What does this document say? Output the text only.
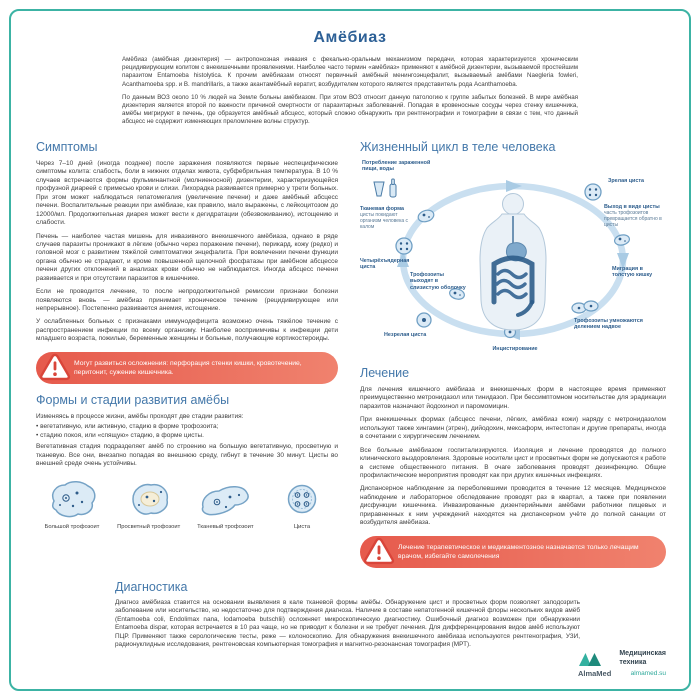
Амёбиаз

Амёбиаз (амёбная дизентерия) — антропонозная инвазия с фекально-оральным механизмом передачи, которая характеризуется хроническим рецидивирующим колитом с внекишечными проявлениями. Наиболее часто термин «амёбиаз» применяют к амёбной дизентерии, вызываемой простейшим паразитом Entamoeba histolytica. К прочим амёбиазам относят первичный амёбный менингоэнцефалит, вызываемый амёбами Naegleria fowleri, Acanthamoeba spp. и B. mandrillaris, а также акантамёбный кератит, возбудителем которого является представитель рода Acanthamoeba.

По данным ВОЗ около 10 % людей на Земле больны амёбиазом. При этом ВОЗ относит данную патологию к группе забытых болезней. В мире амёбная дизентерия является второй по важности причиной смертности от паразитарных заболеваний. Попадая в кровеносные сосуды через стенку кишечника, амёбы мигрируют в печень, где образуется амёбный абсцесс, который сложно обнаружить при рентгенографии и томографии в связи с тем, что данный абсцесс не содержит изменяющих преломление волны структур.

Симптомы

Через 7–10 дней (иногда позднее) после заражения появляются первые неспецифические симптомы колита: слабость, боли в нижних отделах живота, субфебрильная температура. В 10 % случаев встречаются формы фульминантной (молниеносной) дизентерии, характеризующейся профузной диареей с примесью крови и слизи. Лихорадка развивается примерно у трети больных. При этом может наблюдаться гепатомегалия (увеличение печени) и даже амёбный абсцесс печени. Воспалительные реакции при амёбиазе, как правило, мало выражены, с лейкоцитозом до 12000/мл. Продолжительная диарея может вести к дегидратации (обезвоживанию), истощению и слабости.

Печень — наиболее частая мишень для инвазивного внекишечного амёбиаза, однако в ряде случаев паразиты проникают в лёгкие (обычно через поражение печени), перикард, кожу (редко) и головной мозг с развитием тяжёлой симптоматики энцефалита. При вовлечении печени функции органа обычно не страдают, и кроме повышенной щелочной фосфатазы при амёбном абсцессе печени других отклонений в анализах крови обычно не наблюдается. Иногда абсцесс печени развивается и при отсутствии паразитов в кишечнике.

Если не проводится лечение, то после непродолжительной ремиссии признаки болезни появляются вновь — амёбиаз принимает хроническое течение (рецидивирующее или непрерывное). Постепенно развивается анемия, истощение.

У ослабленных больных с признаками иммунодефицита возможно очень тяжёлое течение с распространением инфекции по всему организму. Наиболее восприимчивы к инфекции дети младшего возраста, пожилые, беременные женщины и больные, получающие кортикостероиды.

Могут развиться осложнения: перфорация стенки кишки, кровотечение, перитонит, сужение кишечника.
Формы и стадии развития амёбы

Изменяясь в процессе жизни, амёбы проходят две стадии развития:

• вегетативную, или активную, стадию в форме трофозоита;

• стадию покоя, или «спящую» стадию, в форме цисты.

Вегетативная стадия подразделяет амёб по строению на большую вегетативную, просветную и тканевую. Все они, внезапно попадая во внешнюю среду, гибнут в течение 30 минут. Цисты во внешней среде очень устойчивы.

Большой трофозоит	Просветный трофозоит	Тканевый трофозоит	Циста
Жизненный цикл в теле человека
Потребление зараженной пищи, воды
Зрелая циста
Тканевая форма
цисты покидают организм человека с калом
Четырёхъядерная циста
Трофозоиты выходят в слизистую оболочку
Незрелая циста
Инцистирование
Трофозоиты умножаются делением надвое
Миграция в толстую кишку
Выход в виде цисты
часть трофозоитов превращается обратно в цисты
Лечение

Для лечения кишечного амёбиаза и внекишечных форм в настоящее время применяют преимущественно метронидазол или тинидазол. При бессимптомном носительстве для эрадикации паразитов назначают йодохинол и паромомицин.

При внекишечных формах (абсцесс печени, лёгких, амёбиаз кожи) наряду с метронидазолом используют также хингамин (этрен), дийодохин, мексаформ, интестопан и другие препараты, иногда в сочетании с хирургическим лечением.

Все больные амёбиазом госпитализируются. Изоляция и лечение проводятся до полного клинического выздоровления. Здоровые носители цист и просветных форм не допускаются к работе в системе общественного питания. В очаге заболевания проводят дезинфекцию. Общие профилактические мероприятия проводят как при других кишечных инфекциях.

Диспансерное наблюдение за переболевшими проводится в течение 12 месяцев. Медицинское наблюдение и лабораторное обследование проводят раз в квартал, а также при появлении дисфункции кишечника. Инвазированные дизентерийными амёбами работники пищевых и приравненных к ним учреждений находятся на диспансерном учёте до полной санации от возбудителя амёбиаза.

Лечение терапевтическое и медикаментозное назначается только лечащим врачом, избегайте самолечения
Диагностика

Диагноз амёбиаза ставится на основании выявления в кале тканевой формы амёбы. Обнаружение цист и просветных форм позволяет заподозрить заболевание или носительство, но недостаточно для подтверждения диагноза. Наличие в составе непатогенной кишечной флоры нескольких видов амёб (Entamoeba coli, Endolimax nana, Iodamoeba butschlii) осложняет микроскопическую диагностику. Ошибочный диагноз возможен при обнаружении Entamoeba dispar, которая встречается в 10 раз чаще, но не приводит к болезни и не требует лечения. Для дифференцирования видов амёб используют ПЦР. Применяют также серологические тесты, реже — колоноскопию. Для обнаружения внекишечного амёбиаза используются рентгенография, УЗИ, радионуклидные исследования, рентгеновская компьютерная томография и магнитно-резонансная томография (МРТ).

Медицинская
техника
AlmaMed	almamed.su
